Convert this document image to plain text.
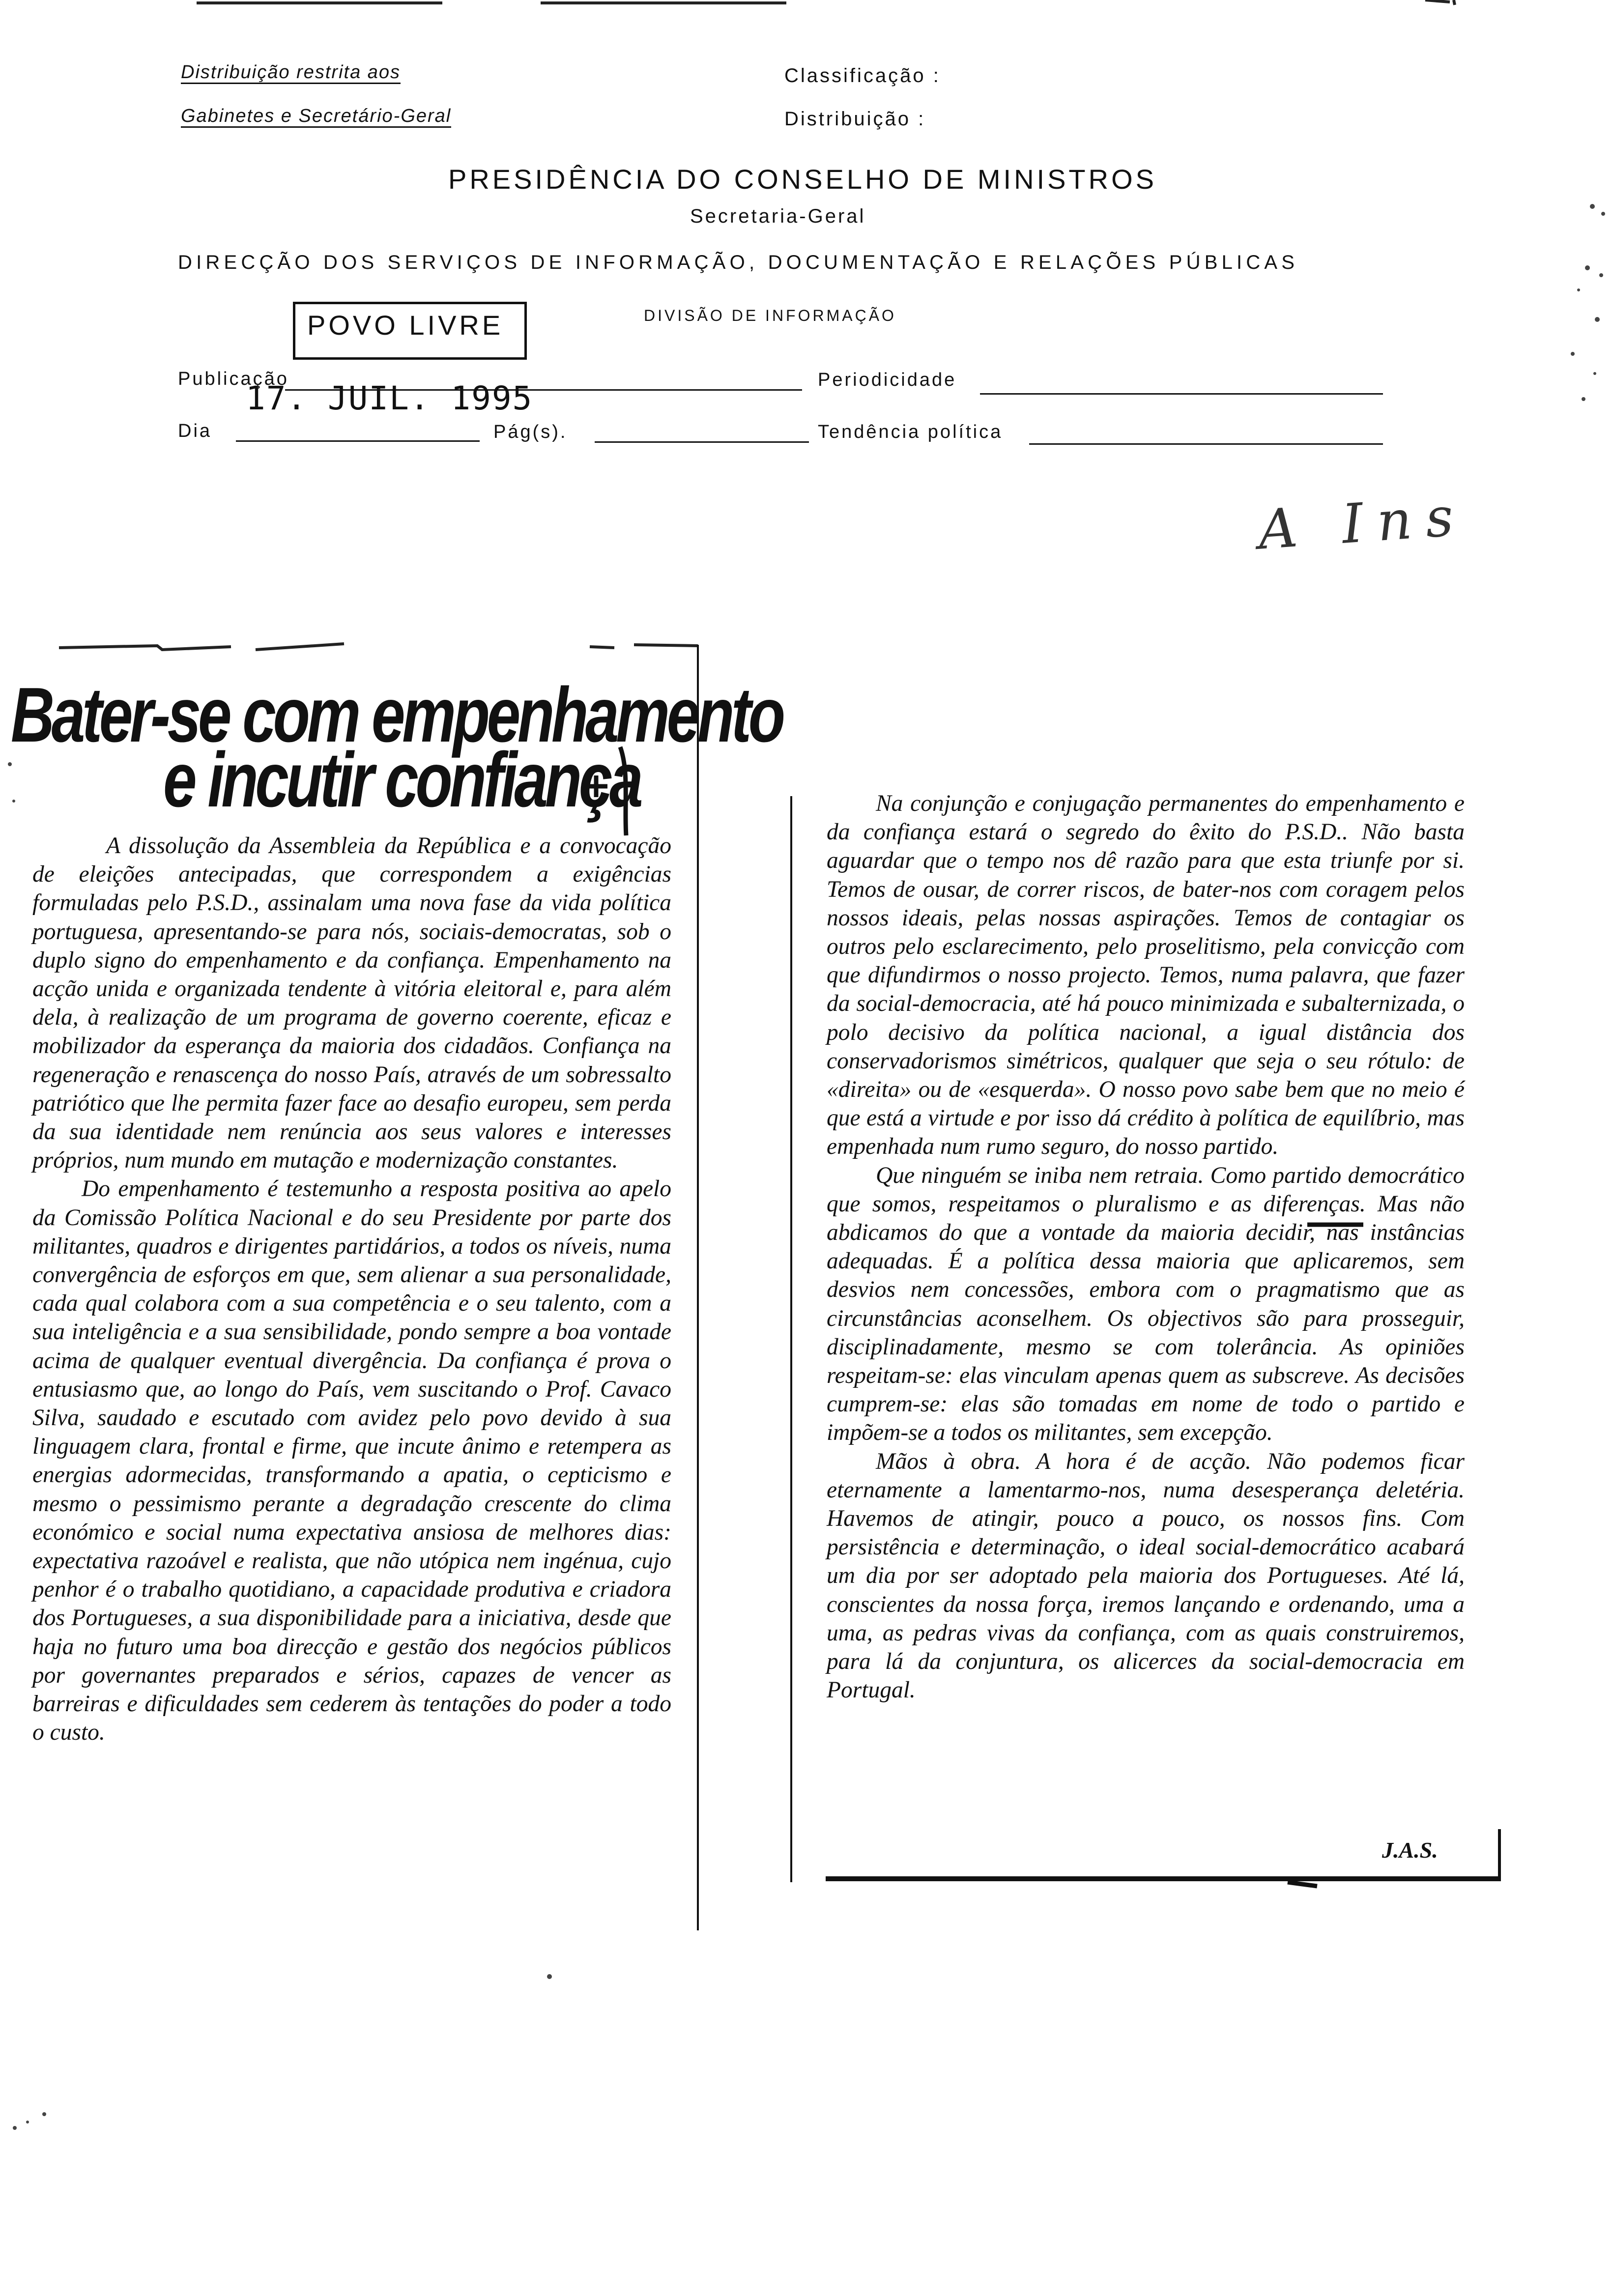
Distribuição restrita aos
Gabinetes e Secretário-Geral
Classificação :
Distribuição :
PRESIDÊNCIA DO CONSELHO DE MINISTROS
Secretaria-Geral
DIRECÇÃO DOS SERVIÇOS DE INFORMAÇÃO, DOCUMENTAÇÃO E RELAÇÕES PÚBLICAS
POVO LIVRE	DIVISÃO DE INFORMAÇÃO
Publicação
17. JUIL. 1995	Periodicidade
Dia	Pág(s).	Tendência política
A Ins
Bater-se com empenhamento
e incutir confiança

A dissolução da Assembleia da República e a convocação de eleições antecipadas, que correspondem a exigências formuladas pelo P.S.D., assinalam uma nova fase da vida política portuguesa, apresentando-se para nós, sociais-democratas, sob o duplo signo do empenhamento e da confiança. Empenhamento na acção unida e organizada tendente à vitória eleitoral e, para além dela, à realização de um programa de governo coerente, eficaz e mobilizador da esperança da maioria dos cidadãos. Confiança na regeneração e renascença do nosso País, através de um sobressalto patriótico que lhe permita fazer face ao desafio europeu, sem perda da sua identidade nem renúncia aos seus valores e interesses próprios, num mundo em mutação e modernização constantes.

Do empenhamento é testemunho a resposta positiva ao apelo da Comissão Política Nacional e do seu Presidente por parte dos militantes, quadros e dirigentes partidários, a todos os níveis, numa convergência de esforços em que, sem alienar a sua personalidade, cada qual colabora com a sua competência e o seu talento, com a sua inteligência e a sua sensibilidade, pondo sempre a boa vontade acima de qualquer eventual divergência. Da confiança é prova o entusiasmo que, ao longo do País, vem suscitando o Prof. Cavaco Silva, saudado e escutado com avidez pelo povo devido à sua linguagem clara, frontal e firme, que incute ânimo e retempera as energias adormecidas, transformando a apatia, o cepticismo e mesmo o pessimismo perante a degradação crescente do clima económico e social numa expectativa ansiosa de melhores dias: expectativa razoável e realista, que não utópica nem ingénua, cujo penhor é o trabalho quotidiano, a capacidade produtiva e criadora dos Portugueses, a sua disponibilidade para a iniciativa, desde que haja no futuro uma boa direcção e gestão dos negócios públicos por governantes preparados e sérios, capazes de vencer as barreiras e dificuldades sem cederem às tentações do poder a todo o custo.

Na conjunção e conjugação permanentes do empenhamento e da confiança estará o segredo do êxito do P.S.D.. Não basta aguardar que o tempo nos dê razão para que esta triunfe por si. Temos de ousar, de correr riscos, de bater-nos com coragem pelos nossos ideais, pelas nossas aspirações. Temos de contagiar os outros pelo esclarecimento, pelo proselitismo, pela convicção com que difundirmos o nosso projecto. Temos, numa palavra, que fazer da social-democracia, até há pouco minimizada e subalternizada, o polo decisivo da política nacional, a igual distância dos conservadorismos simétricos, qualquer que seja o seu rótulo: de «direita» ou de «esquerda». O nosso povo sabe bem que no meio é que está a virtude e por isso dá crédito à política de equilíbrio, mas empenhada num rumo seguro, do nosso partido.

Que ninguém se iniba nem retraia. Como partido democrático que somos, respeitamos o pluralismo e as diferenças. Mas não abdicamos do que a vontade da maioria decidir, nas instâncias adequadas. É a política dessa maioria que aplicaremos, sem desvios nem concessões, embora com o pragmatismo que as circunstâncias aconselhem. Os objectivos são para prosseguir, disciplinadamente, mesmo se com tolerância. As opiniões respeitam-se: elas vinculam apenas quem as subscreve. As decisões cumprem-se: elas são tomadas em nome de todo o partido e impõem-se a todos os militantes, sem excepção.

Mãos à obra. A hora é de acção. Não podemos ficar eternamente a lamentarmo-nos, numa desesperança deletéria. Havemos de atingir, pouco a pouco, os nossos fins. Com persistência e determinação, o ideal social-democrático acabará um dia por ser adoptado pela maioria dos Portugueses. Até lá, conscientes da nossa força, iremos lançando e ordenando, uma a uma, as pedras vivas da confiança, com as quais construiremos, para lá da conjuntura, os alicerces da social-democracia em Portugal.

J.A.S.
